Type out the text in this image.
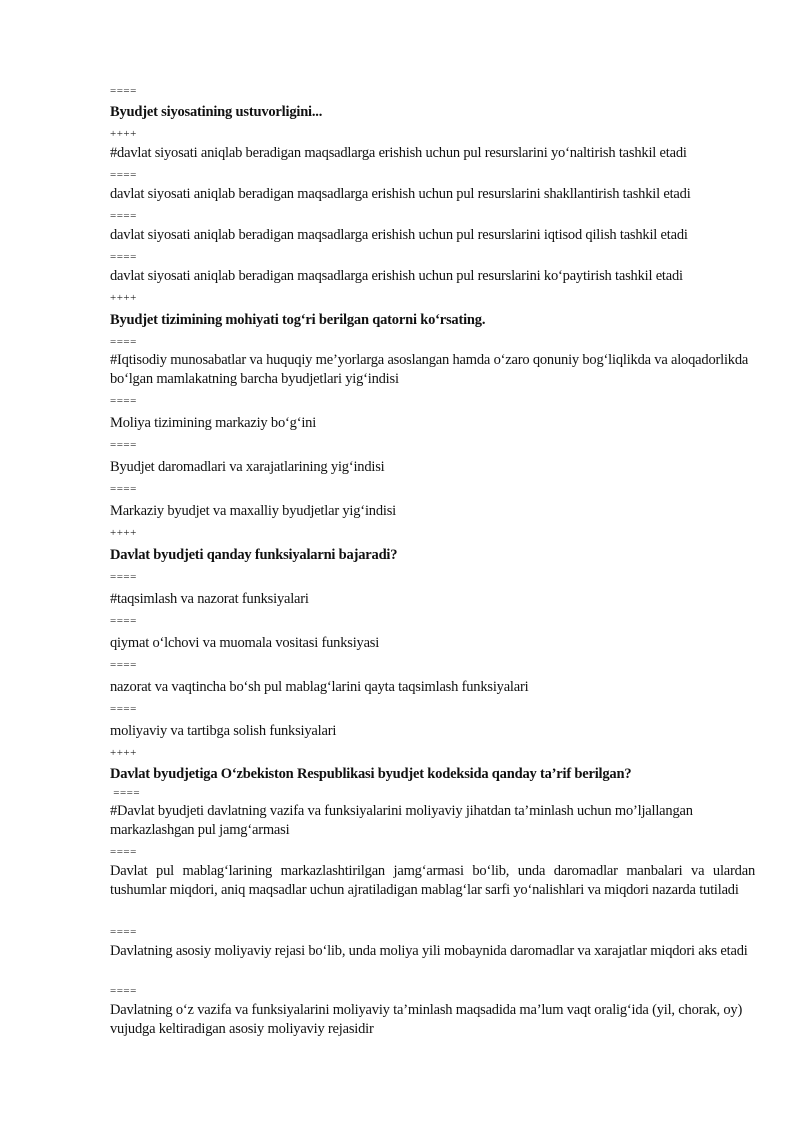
====
Byudjet siyosatining ustuvorligini...
++++
#davlat siyosati aniqlab beradigan maqsadlarga erishish uchun pul resurslarini yo‘naltirish tashkil etadi
====
davlat siyosati aniqlab beradigan maqsadlarga erishish uchun pul resurslarini shakllantirish tashkil etadi
====
davlat siyosati aniqlab beradigan maqsadlarga erishish uchun pul resurslarini iqtisod qilish tashkil etadi
====
davlat siyosati aniqlab beradigan maqsadlarga erishish uchun pul resurslarini ko‘paytirish tashkil etadi
++++
Byudjet tizimining mohiyati tog‘ri berilgan qatorni ko‘rsating.
====
#Iqtisodiy munosabatlar va huquqiy me’yorlarga asoslangan hamda o‘zaro qonuniy bog‘liqlikda va aloqadorlikda bo‘lgan mamlakatning barcha byudjetlari yig‘indisi
====
Moliya tizimining markaziy bo‘g‘ini
====
Byudjet daromadlari va xarajatlarining yig‘indisi
====
Markaziy byudjet va maxalliy byudjetlar yig‘indisi
++++
Davlat byudjeti qanday funksiyalarni bajaradi?
====
#taqsimlash va nazorat funksiyalari
====
qiymat o‘lchovi va muomala vositasi funksiyasi
====
nazorat va vaqtincha bo‘sh pul mablag‘larini qayta taqsimlash funksiyalari
====
moliyaviy va tartibga solish funksiyalari
++++
Davlat byudjetiga O‘zbekiston Respublikasi byudjet kodeksida qanday ta’rif berilgan?
====
#Davlat byudjeti davlatning vazifa va funksiyalarini moliyaviy jihatdan ta’minlash uchun mo’ljallangan markazlashgan pul jamg‘armasi
====
Davlat pul mablag‘larining markazlashtirilgan jamg‘armasi bo‘lib, unda daromadlar manbalari va ulardan tushumlar miqdori, aniq maqsadlar uchun ajratiladigan mablag‘lar sarfi yo‘nalishlari va miqdori nazarda tutiladi
====
Davlatning asosiy moliyaviy rejasi bo‘lib, unda moliya yili mobaynida daromadlar va xarajatlar miqdori aks etadi
====
Davlatning o‘z vazifa va funksiyalarini moliyaviy ta’minlash maqsadida ma’lum vaqt oralig‘ida (yil, chorak, oy) vujudga keltiradigan asosiy moliyaviy rejasidir
